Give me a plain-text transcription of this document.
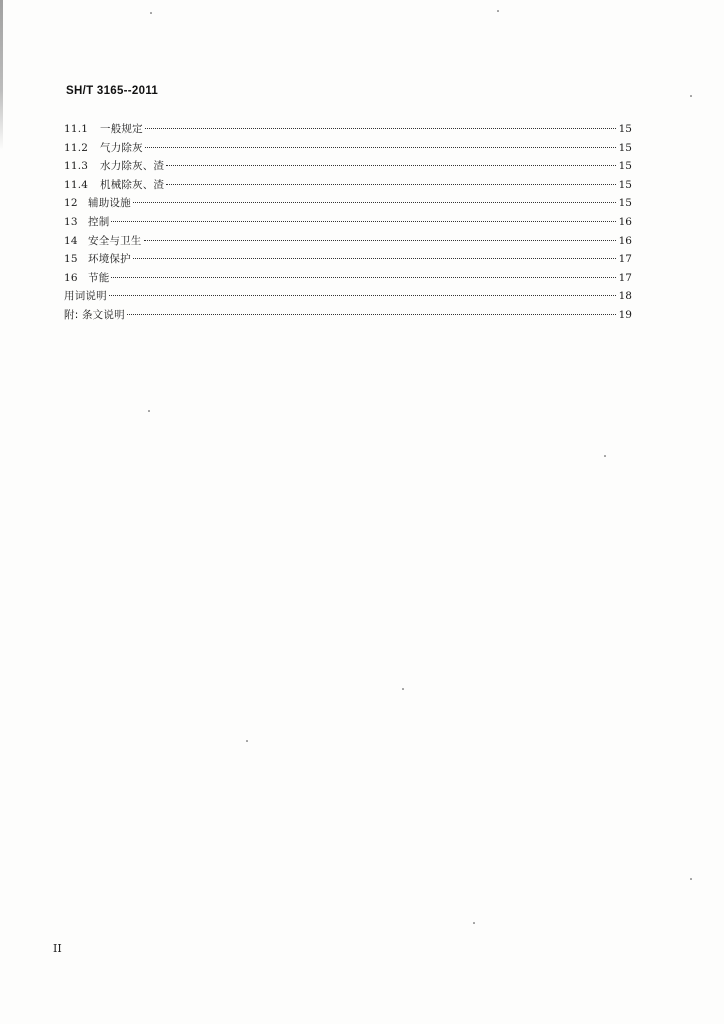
SH/T 3165--2011
11.1	一般规定	15
11.2	气力除灰	15
11.3	水力除灰、渣	15
11.4	机械除灰、渣	15
12 辅助设施	15
13 控制	16
14 安全与卫生	16
15 环境保护	17
16 节能	17
用词说明	18
附: 条文说明	19
II
